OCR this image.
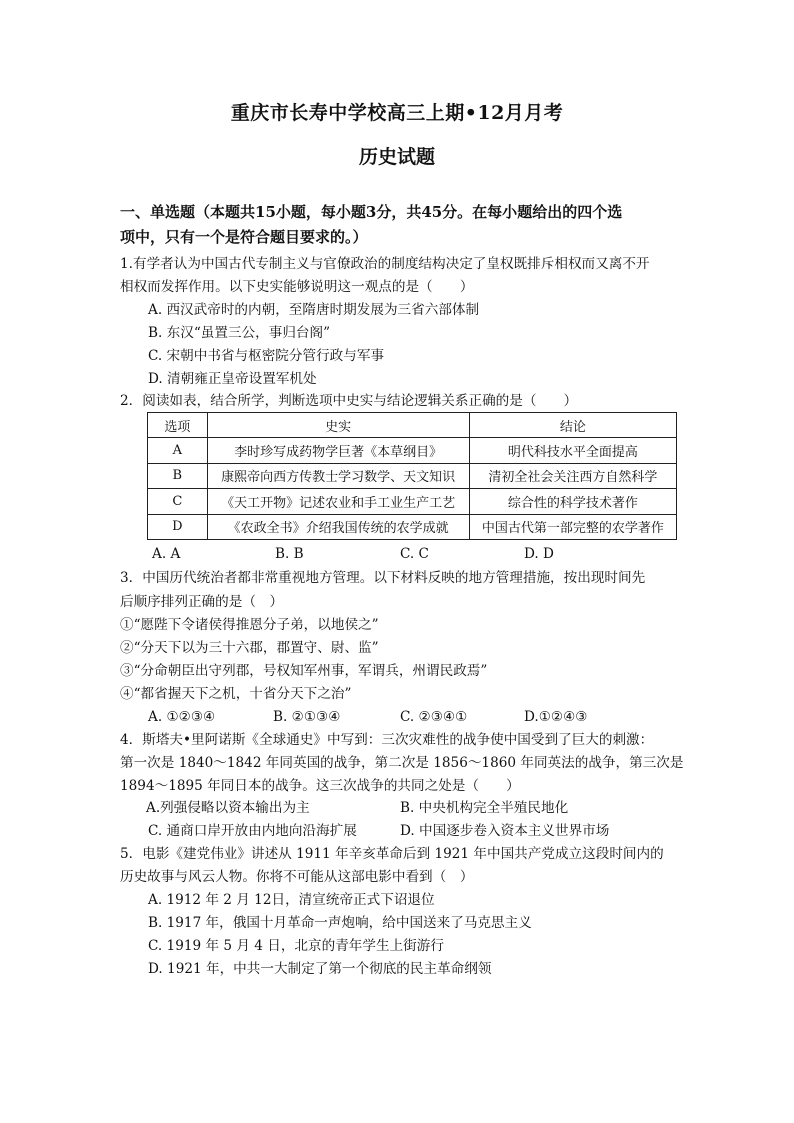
重庆市长寿中学校高三上期•12月月考
历史试题
一、单选题（本题共15小题，每小题3分，共45分。在每小题给出的四个选
项中，只有一个是符合题目要求的。）
1.有学者认为中国古代专制主义与官僚政治的制度结构决定了皇权既排斥相权而又离不开
相权而发挥作用。以下史实能够说明这一观点的是（　　）
A. 西汉武帝时的内朝，至隋唐时期发展为三省六部体制
B. 东汉“虽置三公，事归台阁”
C. 宋朝中书省与枢密院分管行政与军事
D. 清朝雍正皇帝设置军机处
2．阅读如表，结合所学，判断选项中史实与结论逻辑关系正确的是（　　）
选项	史实	结论
A	李时珍写成药物学巨著《本草纲目》	明代科技水平全面提高
B	康熙帝向西方传教士学习数学、天文知识	清初全社会关注西方自然科学
C	《天工开物》记述农业和手工业生产工艺	综合性的科学技术著作
D	《农政全书》介绍我国传统的农学成就	中国古代第一部完整的农学著作
A. A	B. B	C. C	D. D
3．中国历代统治者都非常重视地方管理。以下材料反映的地方管理措施，按出现时间先
后顺序排列正确的是（　）
①“愿陛下令诸侯得推恩分子弟，以地侯之”
②“分天下以为三十六郡，郡置守、尉、监”
③“分命朝臣出守列郡，号权知军州事，军谓兵，州谓民政焉”
④“都省握天下之机，十省分天下之治”
A. ①②③④	B. ②①③④	C. ②③④①	D.①②④③
4．斯塔夫•里阿诺斯《全球通史》中写到：三次灾难性的战争使中国受到了巨大的刺激：
第一次是 1840～1842 年同英国的战争，第二次是 1856～1860 年同英法的战争，第三次是
1894～1895 年同日本的战争。这三次战争的共同之处是（　　）
A.列强侵略以资本输出为主	B. 中央机构完全半殖民地化
C. 通商口岸开放由内地向沿海扩展	D. 中国逐步卷入资本主义世界市场
5．电影《建党伟业》讲述从 1911 年辛亥革命后到 1921 年中国共产党成立这段时间内的
历史故事与风云人物。你将不可能从这部电影中看到（　）
A. 1912 年 2 月 12日，清宣统帝正式下诏退位
B. 1917 年，俄国十月革命一声炮响，给中国送来了马克思主义
C. 1919 年 5 月 4 日，北京的青年学生上街游行
D. 1921 年，中共一大制定了第一个彻底的民主革命纲领
